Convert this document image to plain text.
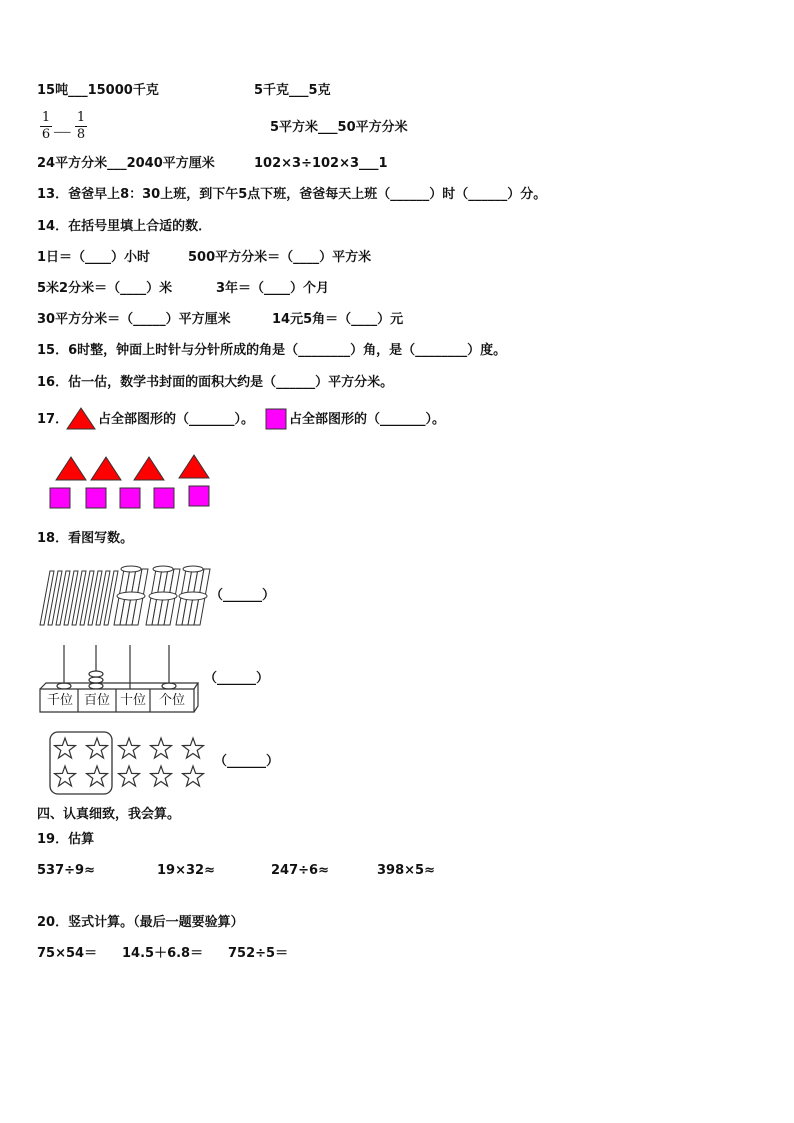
15吨___15000千克	5千克___5克
1
6
___
1
8	5平方米___50平方分米
24平方分米___2040平方厘米	102×3÷102×3___1
13．爸爸早上8：30上班，到下午5点下班，爸爸每天上班（______）时（______）分。
14．在括号里填上合适的数．
1日＝（____）小时	500平方分米＝（____）平方米
5米2分米＝（____）米	3年＝（____）个月
30平方分米＝（_____）平方厘米	14元5角＝（____）元
15．6时整，钟面上时针与分针所成的角是（________）角，是（________）度。
16．估一估，数学书封面的面积大约是（______）平方分米。
17． 占全部图形的（_______）。	占全部图形的（_______）。
18．看图写数。
（______）
千位 百位 十位 个位
（______）
（______）
四、认真细致，我会算。
19．估算
537÷9≈	19×32≈	247÷6≈	398×5≈
20．竖式计算。（最后一题要验算）
75×54＝ 14.5＋6.8＝ 752÷5＝
